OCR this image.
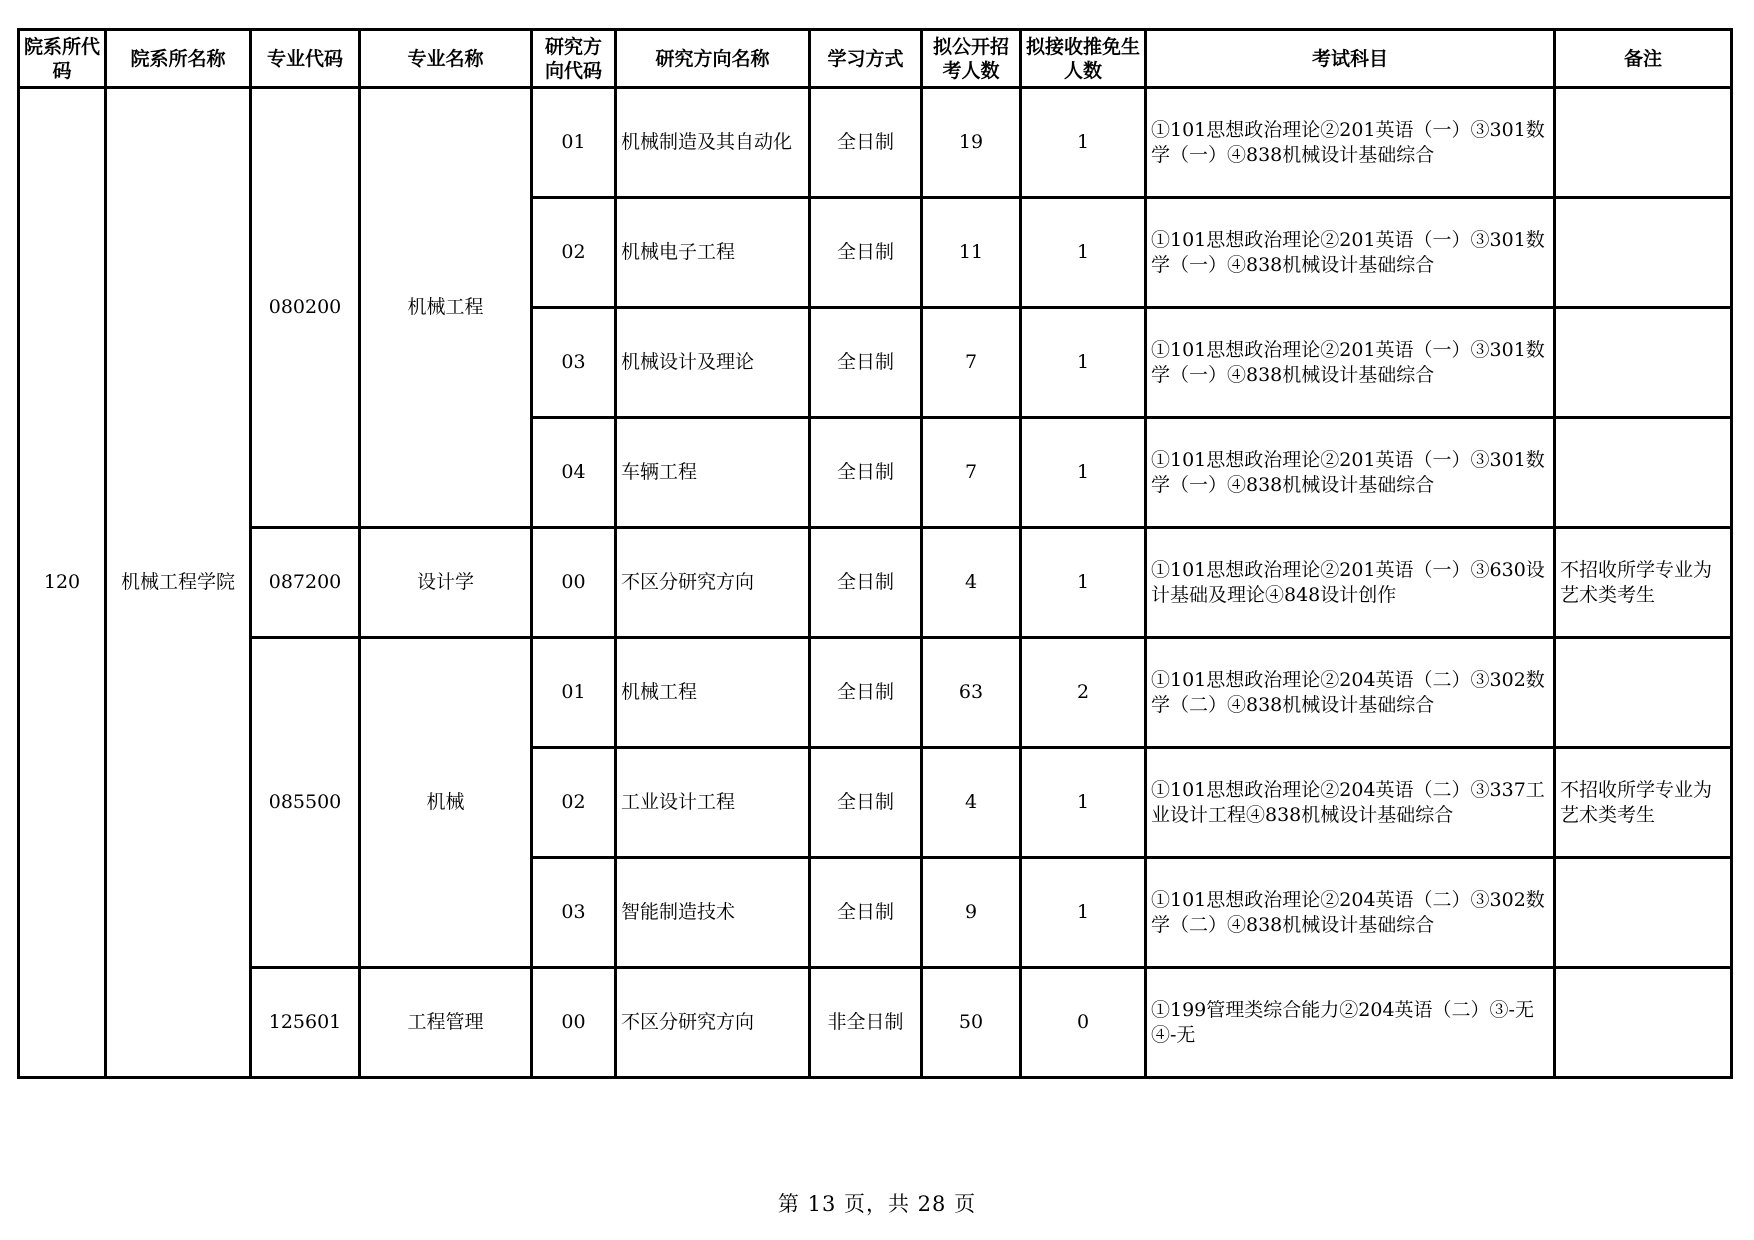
院系所代码	院系所名称	专业代码	专业名称	研究方向代码	研究方向名称	学习方式	拟公开招考人数	拟接收推免生人数	考试科目	备注
120	机械工程学院	080200	机械工程	01	机械制造及其自动化	全日制	19	1	①101思想政治理论②201英语（一）③301数学（一）④838机械设计基础综合	
				02	机械电子工程	全日制	11	1	①101思想政治理论②201英语（一）③301数学（一）④838机械设计基础综合	
				03	机械设计及理论	全日制	7	1	①101思想政治理论②201英语（一）③301数学（一）④838机械设计基础综合	
				04	车辆工程	全日制	7	1	①101思想政治理论②201英语（一）③301数学（一）④838机械设计基础综合	
		087200	设计学	00	不区分研究方向	全日制	4	1	①101思想政治理论②201英语（一）③630设计基础及理论④848设计创作	不招收所学专业为艺术类考生
		085500	机械	01	机械工程	全日制	63	2	①101思想政治理论②204英语（二）③302数学（二）④838机械设计基础综合	
				02	工业设计工程	全日制	4	1	①101思想政治理论②204英语（二）③337工业设计工程④838机械设计基础综合	不招收所学专业为艺术类考生
				03	智能制造技术	全日制	9	1	①101思想政治理论②204英语（二）③302数学（二）④838机械设计基础综合	
		125601	工程管理	00	不区分研究方向	非全日制	50	0	①199管理类综合能力②204英语（二）③-无④-无	
第 13 页，共 28 页
